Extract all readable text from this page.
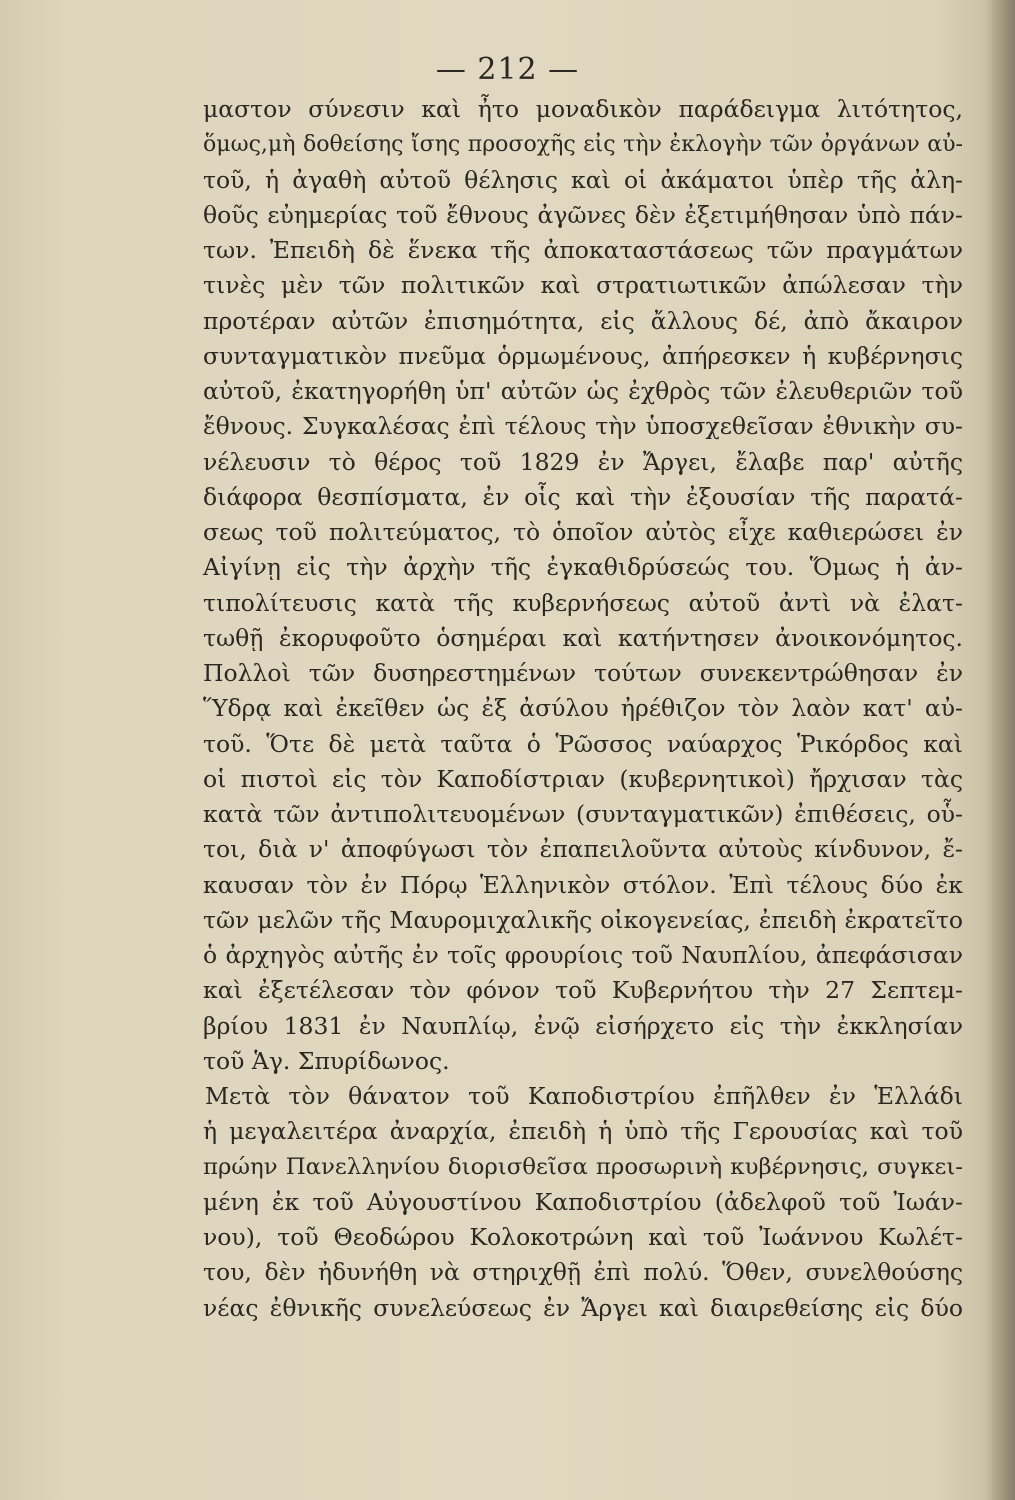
— 212 —
μαστον σύνεσιν καὶ ἦτο μοναδικὸν παράδειγμα λιτότητος,
ὅμως,μὴ δοθείσης ἴσης προσοχῆς εἰς τὴν ἐκλογὴν τῶν ὀργάνων αὐ-
τοῦ, ἡ ἀγαθὴ αὐτοῦ θέλησις καὶ οἱ ἀκάματοι ὑπὲρ τῆς ἀλη-
θοῦς εὐημερίας τοῦ ἔθνους ἀγῶνες δὲν ἐξετιμήθησαν ὑπὸ πάν-
των. Ἐπειδὴ δὲ ἕνεκα τῆς ἀποκαταστάσεως τῶν πραγμάτων
τινὲς μὲν τῶν πολιτικῶν καὶ στρατιωτικῶν ἀπώλεσαν τὴν
προτέραν αὐτῶν ἐπισημότητα, εἰς ἄλλους δέ, ἀπὸ ἄκαιρον
συνταγματικὸν πνεῦμα ὁρμωμένους, ἀπήρεσκεν ἡ κυβέρνησις
αὐτοῦ, ἐκατηγορήθη ὑπ' αὐτῶν ὡς ἐχθρὸς τῶν ἐλευθεριῶν τοῦ
ἔθνους. Συγκαλέσας ἐπὶ τέλους τὴν ὑποσχεθεῖσαν ἐθνικὴν συ-
νέλευσιν τὸ θέρος τοῦ 1829 ἐν Ἄργει, ἔλαβε παρ' αὐτῆς
διάφορα θεσπίσματα, ἐν οἷς καὶ τὴν ἐξουσίαν τῆς παρατά-
σεως τοῦ πολιτεύματος, τὸ ὁποῖον αὐτὸς εἶχε καθιερώσει ἐν
Αἰγίνῃ εἰς τὴν ἀρχὴν τῆς ἐγκαθιδρύσεώς του. Ὅμως ἡ ἀν-
τιπολίτευσις κατὰ τῆς κυβερνήσεως αὐτοῦ ἀντὶ νὰ ἐλατ-
τωθῇ ἐκορυφοῦτο ὁσημέραι καὶ κατήντησεν ἀνοικονόμητος.
Πολλοὶ τῶν δυσηρεστημένων τούτων συνεκεντρώθησαν ἐν
Ὕδρᾳ καὶ ἐκεῖθεν ὡς ἐξ ἀσύλου ἠρέθιζον τὸν λαὸν κατ' αὐ-
τοῦ. Ὅτε δὲ μετὰ ταῦτα ὁ Ῥῶσσος ναύαρχος Ῥικόρδος καὶ
οἱ πιστοὶ εἰς τὸν Καποδίστριαν (κυβερνητικοὶ) ἤρχισαν τὰς
κατὰ τῶν ἀντιπολιτευομένων (συνταγματικῶν) ἐπιθέσεις, οὗ-
τοι, διὰ ν' ἀποφύγωσι τὸν ἐπαπειλοῦντα αὐτοὺς κίνδυνον, ἔ-
καυσαν τὸν ἐν Πόρῳ Ἑλληνικὸν στόλον. Ἐπὶ τέλους δύο ἐκ
τῶν μελῶν τῆς Μαυρομιχαλικῆς οἰκογενείας, ἐπειδὴ ἐκρατεῖτο
ὁ ἀρχηγὸς αὐτῆς ἐν τοῖς φρουρίοις τοῦ Ναυπλίου, ἀπεφάσισαν
καὶ ἐξετέλεσαν τὸν φόνον τοῦ Κυβερνήτου τὴν 27 Σεπτεμ-
βρίου 1831 ἐν Ναυπλίῳ, ἐνῷ εἰσήρχετο εἰς τὴν ἐκκλησίαν
τοῦ Ἁγ. Σπυρίδωνος.
Μετὰ τὸν θάνατον τοῦ Καποδιστρίου ἐπῆλθεν ἐν Ἑλλάδι
ἡ μεγαλειτέρα ἀναρχία, ἐπειδὴ ἡ ὑπὸ τῆς Γερουσίας καὶ τοῦ
πρώην Πανελληνίου διορισθεῖσα προσωρινὴ κυβέρνησις, συγκει-
μένη ἐκ τοῦ Αὐγουστίνου Καποδιστρίου (ἀδελφοῦ τοῦ Ἰωάν-
νου), τοῦ Θεοδώρου Κολοκοτρώνη καὶ τοῦ Ἰωάννου Κωλέτ-
του, δὲν ἠδυνήθη νὰ στηριχθῇ ἐπὶ πολύ. Ὅθεν, συνελθούσης
νέας ἐθνικῆς συνελεύσεως ἐν Ἄργει καὶ διαιρεθείσης εἰς δύο
